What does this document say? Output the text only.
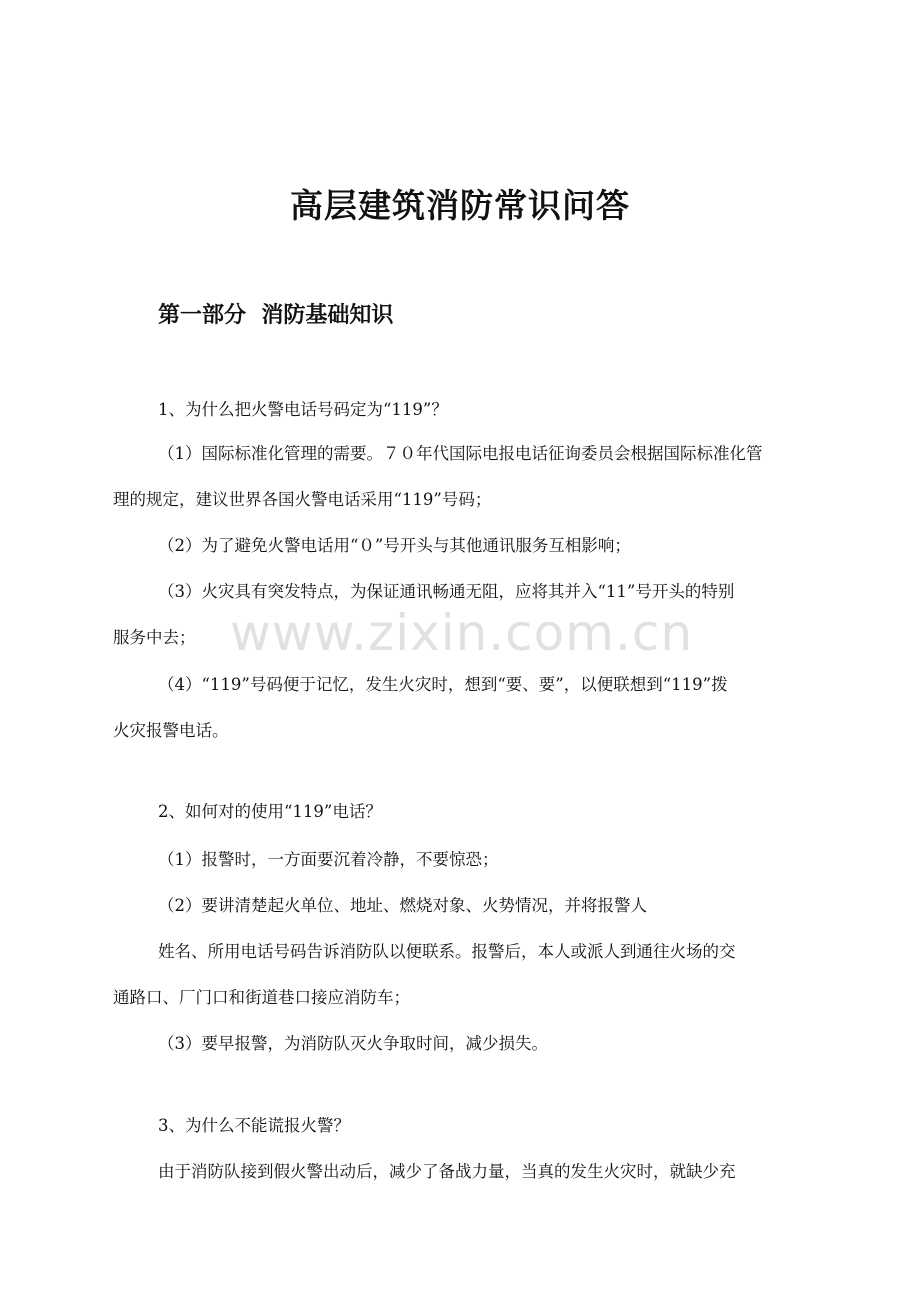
高层建筑消防常识问答
第一部分  消防基础知识

1、为什么把火警电话号码定为“119”？

（1）国际标准化管理的需要。７０年代国际电报电话征询委员会根据国际标准化管

理的规定，建议世界各国火警电话采用“119”号码；

（2）为了避免火警电话用“０”号开头与其他通讯服务互相影响；

（3）火灾具有突发特点，为保证通讯畅通无阻，应将其并入“11”号开头的特别

服务中去；

（4）“119”号码便于记忆，发生火灾时，想到“要、要”，以便联想到“119”拨

火灾报警电话。

2、如何对的使用“119”电话？

（1）报警时，一方面要沉着冷静，不要惊恐；

（2）要讲清楚起火单位、地址、燃烧对象、火势情况，并将报警人

姓名、所用电话号码告诉消防队以便联系。报警后，本人或派人到通往火场的交

通路口、厂门口和街道巷口接应消防车；

（3）要早报警，为消防队灭火争取时间，减少损失。

3、为什么不能谎报火警？

由于消防队接到假火警出动后，减少了备战力量，当真的发生火灾时，就缺少充

www.zixin.com.cn
